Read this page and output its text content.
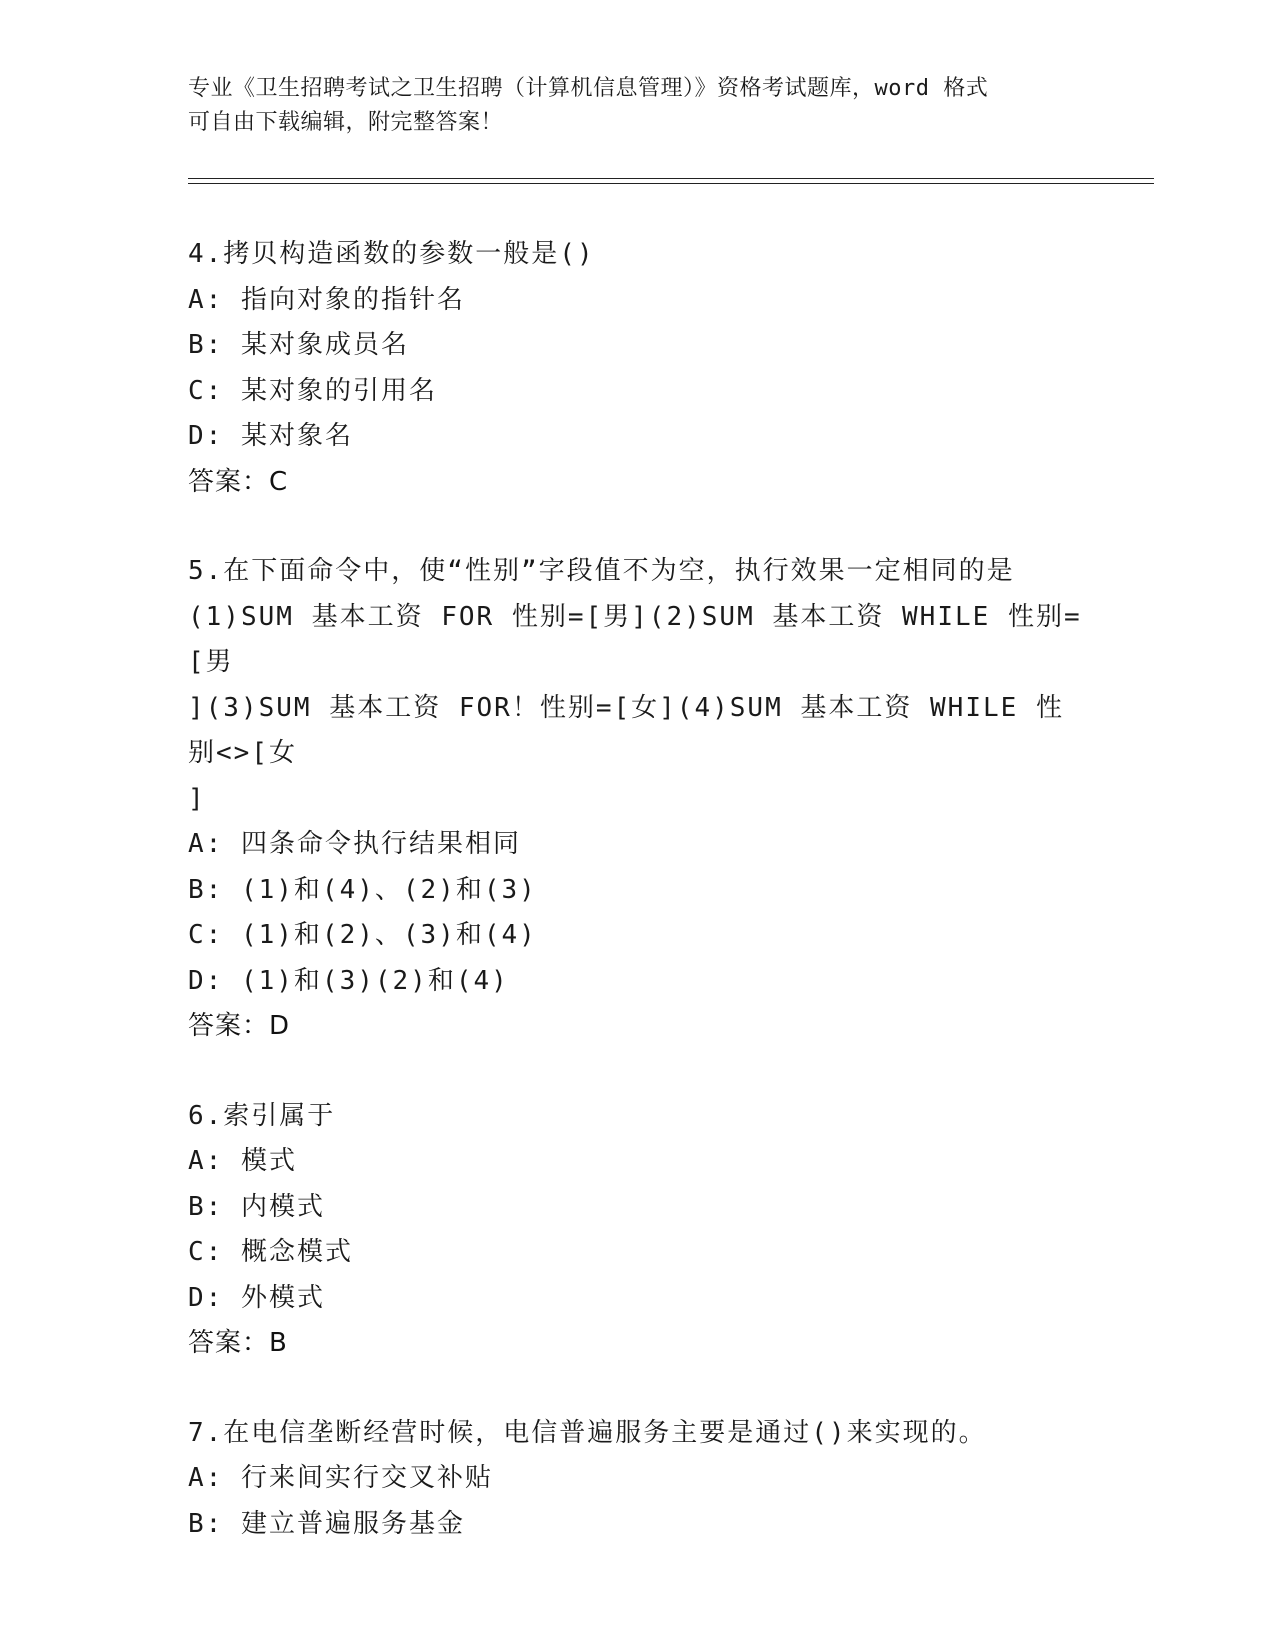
专业《卫生招聘考试之卫生招聘（计算机信息管理）》资格考试题库，word 格式
可自由下载编辑，附完整答案！
4.拷贝构造函数的参数一般是()
A: 指向对象的指针名
B: 某对象成员名
C: 某对象的引用名
D: 某对象名
答案：C
5.在下面命令中，使“性别”字段值不为空，执行效果一定相同的是
(1)SUM 基本工资 FOR 性别=[男](2)SUM 基本工资 WHILE 性别=[男
](3)SUM 基本工资 FOR！性别=[女](4)SUM 基本工资 WHILE 性别<>[女
]
A: 四条命令执行结果相同
B: (1)和(4)、(2)和(3)
C: (1)和(2)、(3)和(4)
D: (1)和(3)(2)和(4)
答案：D
6.索引属于
A: 模式
B: 内模式
C: 概念模式
D: 外模式
答案：B
7.在电信垄断经营时候，电信普遍服务主要是通过()来实现的。
A: 行来间实行交叉补贴
B: 建立普遍服务基金
